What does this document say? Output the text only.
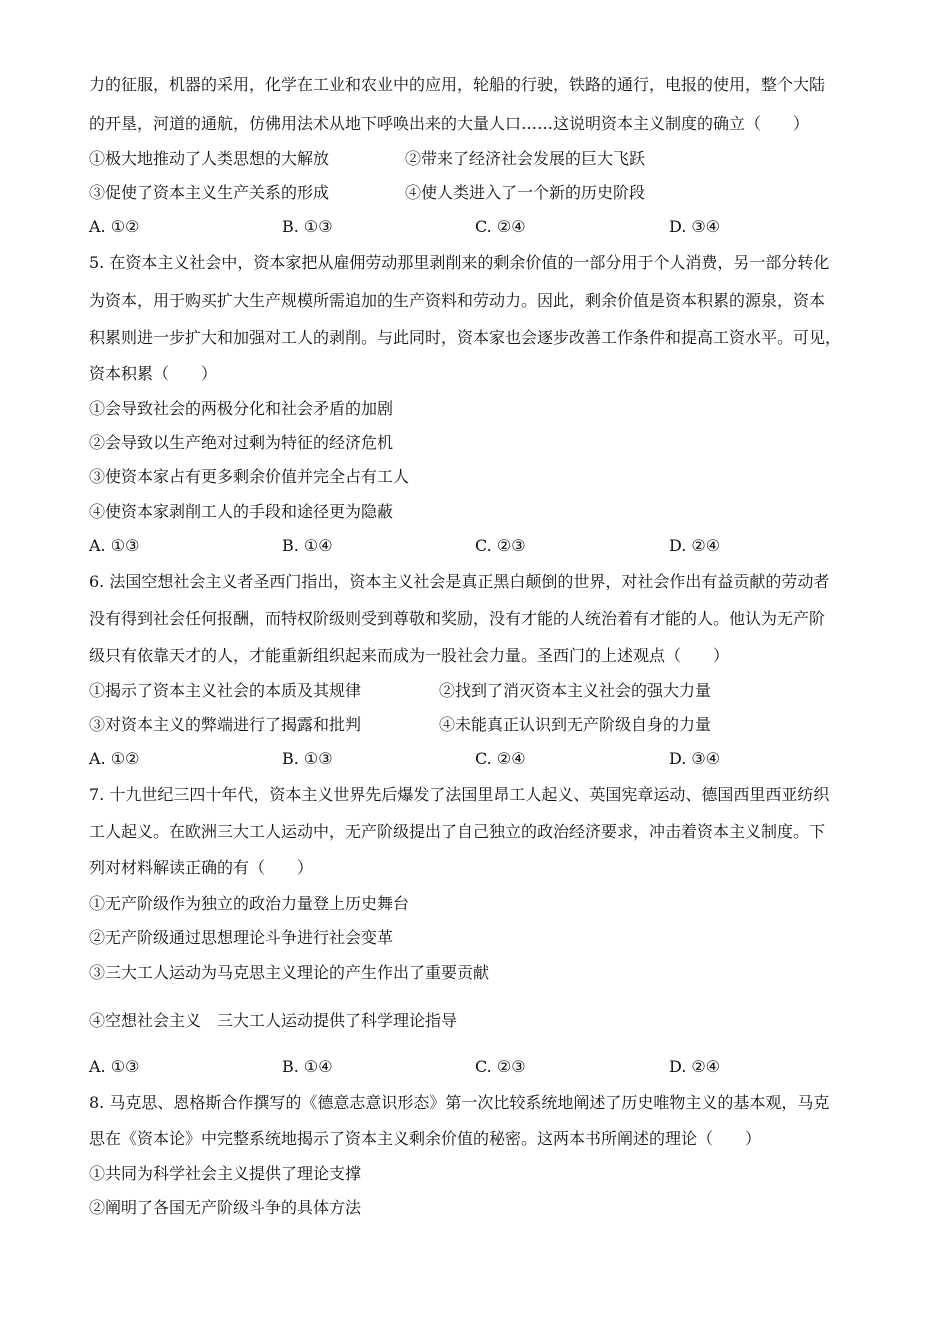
力的征服，机器的采用，化学在工业和农业中的应用，轮船的行驶，铁路的通行，电报的使用，整个大陆
的开垦，河道的通航，仿佛用法术从地下呼唤出来的大量人口……这说明资本主义制度的确立（　　）
①极大地推动了人类思想的大解放	②带来了经济社会发展的巨大飞跃
③促使了资本主义生产关系的形成	④使人类进入了一个新的历史阶段
A. ①②	B. ①③	C. ②④	D. ③④
5. 在资本主义社会中，资本家把从雇佣劳动那里剥削来的剩余价值的一部分用于个人消费，另一部分转化
为资本，用于购买扩大生产规模所需追加的生产资料和劳动力。因此，剩余价值是资本积累的源泉，资本
积累则进一步扩大和加强对工人的剥削。与此同时，资本家也会逐步改善工作条件和提高工资水平。可见，
资本积累（　　）
①会导致社会的两极分化和社会矛盾的加剧
②会导致以生产绝对过剩为特征的经济危机
③使资本家占有更多剩余价值并完全占有工人
④使资本家剥削工人的手段和途径更为隐蔽
A. ①③	B. ①④	C. ②③	D. ②④
6. 法国空想社会主义者圣西门指出，资本主义社会是真正黑白颠倒的世界，对社会作出有益贡献的劳动者
没有得到社会任何报酬，而特权阶级则受到尊敬和奖励，没有才能的人统治着有才能的人。他认为无产阶
级只有依靠天才的人，才能重新组织起来而成为一股社会力量。圣西门的上述观点（　　）
①揭示了资本主义社会的本质及其规律	②找到了消灭资本主义社会的强大力量
③对资本主义的弊端进行了揭露和批判	④未能真正认识到无产阶级自身的力量
A. ①②	B. ①③	C. ②④	D. ③④
7. 十九世纪三四十年代，资本主义世界先后爆发了法国里昂工人起义、英国宪章运动、德国西里西亚纺织
工人起义。在欧洲三大工人运动中，无产阶级提出了自己独立的政治经济要求，冲击着资本主义制度。下
列对材料解读正确的有（　　）
①无产阶级作为独立的政治力量登上历史舞台
②无产阶级通过思想理论斗争进行社会变革
③三大工人运动为马克思主义理论的产生作出了重要贡献
④空想社会主义　三大工人运动提供了科学理论指导
A. ①③	B. ①④	C. ②③	D. ②④
8. 马克思、恩格斯合作撰写的《德意志意识形态》第一次比较系统地阐述了历史唯物主义的基本观，马克
思在《资本论》中完整系统地揭示了资本主义剩余价值的秘密。这两本书所阐述的理论（　　）
①共同为科学社会主义提供了理论支撑
②阐明了各国无产阶级斗争的具体方法
